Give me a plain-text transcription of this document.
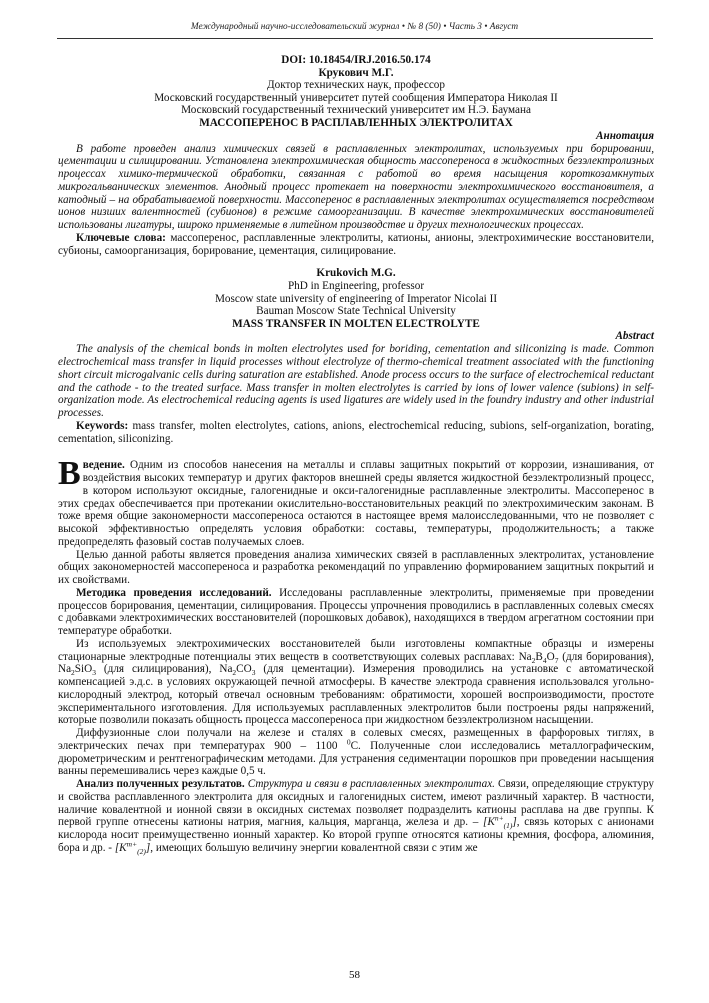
Международный научно-исследовательский журнал • № 8 (50) • Часть 3 • Август
DOI: 10.18454/IRJ.2016.50.174
Крукович М.Г.
Доктор технических наук, профессор
Московский государственный университет путей сообщения Императора Николая II
Московский государственный технический университет им Н.Э. Баумана
МАССОПЕРЕНОС В РАСПЛАВЛЕННЫХ ЭЛЕКТРОЛИТАХ
Аннотация

В работе проведен анализ химических связей в расплавленных электролитах, используемых при борировании, цементации и силицировании. Установлена электрохимическая общность массопереноса в жидкостных безэлектролизных процессах химико-термической обработки, связанная с работой во время насыщения короткозамкнутых микрогальванических элементов. Анодный процесс протекает на поверхности электрохимического восстановителя, а катодный – на обрабатываемой поверхности. Массоперенос в расплавленных электролитах осуществляется посредством ионов низших валентностей (субионов) в режиме самоорганизации. В качестве электрохимических восстановителей использованы лигатуры, широко применяемые в литейном производстве и других технологических процессах.

Ключевые слова: массоперенос, расплавленные электролиты, катионы, анионы, электрохимические восстановители, субионы, самоорганизация, борирование, цементация, силицирование.

Krukovich M.G.
PhD in Engineering, professor
Moscow state university of engineering of Imperator Nicolai II
Bauman Moscow State Technical University
MASS TRANSFER IN MOLTEN ELECTROLYTE
Abstract

The analysis of the chemical bonds in molten electrolytes used for boriding, cementation and siliconizing is made. Common electrochemical mass transfer in liquid processes without electrolyze of thermo-chemical treatment associated with the functioning short circuit microgalvanic cells during saturation are established. Anode process occurs to the surface of electrochemical reductant and the cathode - to the treated surface. Mass transfer in molten electrolytes is carried by ions of lower valence (subions) in self-organization mode. As electrochemical reducing agents is used ligatures are widely used in the foundry industry and other industrial processes.

Keywords: mass transfer, molten electrolytes, cations, anions, electrochemical reducing, subions, self-organization, borating, cementation, siliconizing.

Введение. Одним из способов нанесения на металлы и сплавы защитных покрытий от коррозии, изнашивания, от воздействия высоких температур и других факторов внешней среды является жидкостной безэлектролизный процесс, в котором используют оксидные, галогенидные и окси-галогенидные расплавленные электролиты. Массоперенос в этих средах обеспечивается при протекании окислительно-восстановительных реакций по электрохимическим законам. В тоже время общие закономерности массопереноса остаются в настоящее время малоисследованными, что не позволяет с высокой эффективностью определять условия обработки: составы, температуры, продолжительность; а также предопределять фазовый состав получаемых слоев.

Целью данной работы является проведения анализа химических связей в расплавленных электролитах, установление общих закономерностей массопереноса и разработка рекомендаций по управлению формированием защитных покрытий и их свойствами.

Методика проведения исследований. Исследованы расплавленные электролиты, применяемые при проведении процессов борирования, цементации, силицирования. Процессы упрочнения проводились в расплавленных солевых смесях с добавками электрохимических восстановителей (порошковых добавок), находящихся в твердом агрегатном состоянии при температуре обработки.

Из используемых электрохимических восстановителей были изготовлены компактные образцы и измерены стационарные электродные потенциалы этих веществ в соответствующих солевых расплавах: $Na_2B_4O_7$ (для борирования), $Na_2SiO_3$ (для силицирования), $Na_2CO_3$ (для цементации). Измерения проводились на установке с автоматической компенсацией э.д.с. в условиях окружающей печной атмосферы. В качестве электрода сравнения использовался угольно-кислородный электрод, который отвечал основным требованиям: обратимости, хорошей воспроизводимости, простоте экспериментального изготовления. Для используемых расплавленных электролитов были построены ряды напряжений, которые позволили показать общность процесса массопереноса при жидкостном безэлектролизном насыщении.

Диффузионные слои получали на железе и сталях в солевых смесях, размещенных в фарфоровых тиглях, в электрических печах при температурах 900 – 1100 $^0$С. Полученные слои исследовались металлографическим, дюрометрическим и рентгенографическим методами. Для устранения седиментации порошков при проведении насыщения ванны перемешивались через каждые 0,5 ч.

Анализ полученных результатов. Структура и связи в расплавленных электролитах. Связи, определяющие структуру и свойства расплавленного электролита для оксидных и галогенидных систем, имеют различный характер. В частности, наличие ковалентной и ионной связи в оксидных системах позволяет подразделить катионы расплава на две группы. К первой группе отнесены катионы натрия, магния, кальция, марганца, железа и др. – $[K^{n+}_{(1)}]$, связь которых с анионами кислорода носит преимущественно ионный характер. Ко второй группе относятся катионы кремния, фосфора, алюминия, бора и др. - $[K^{m+}_{(2)}]$, имеющих большую величину энергии ковалентной связи с этим же

58
